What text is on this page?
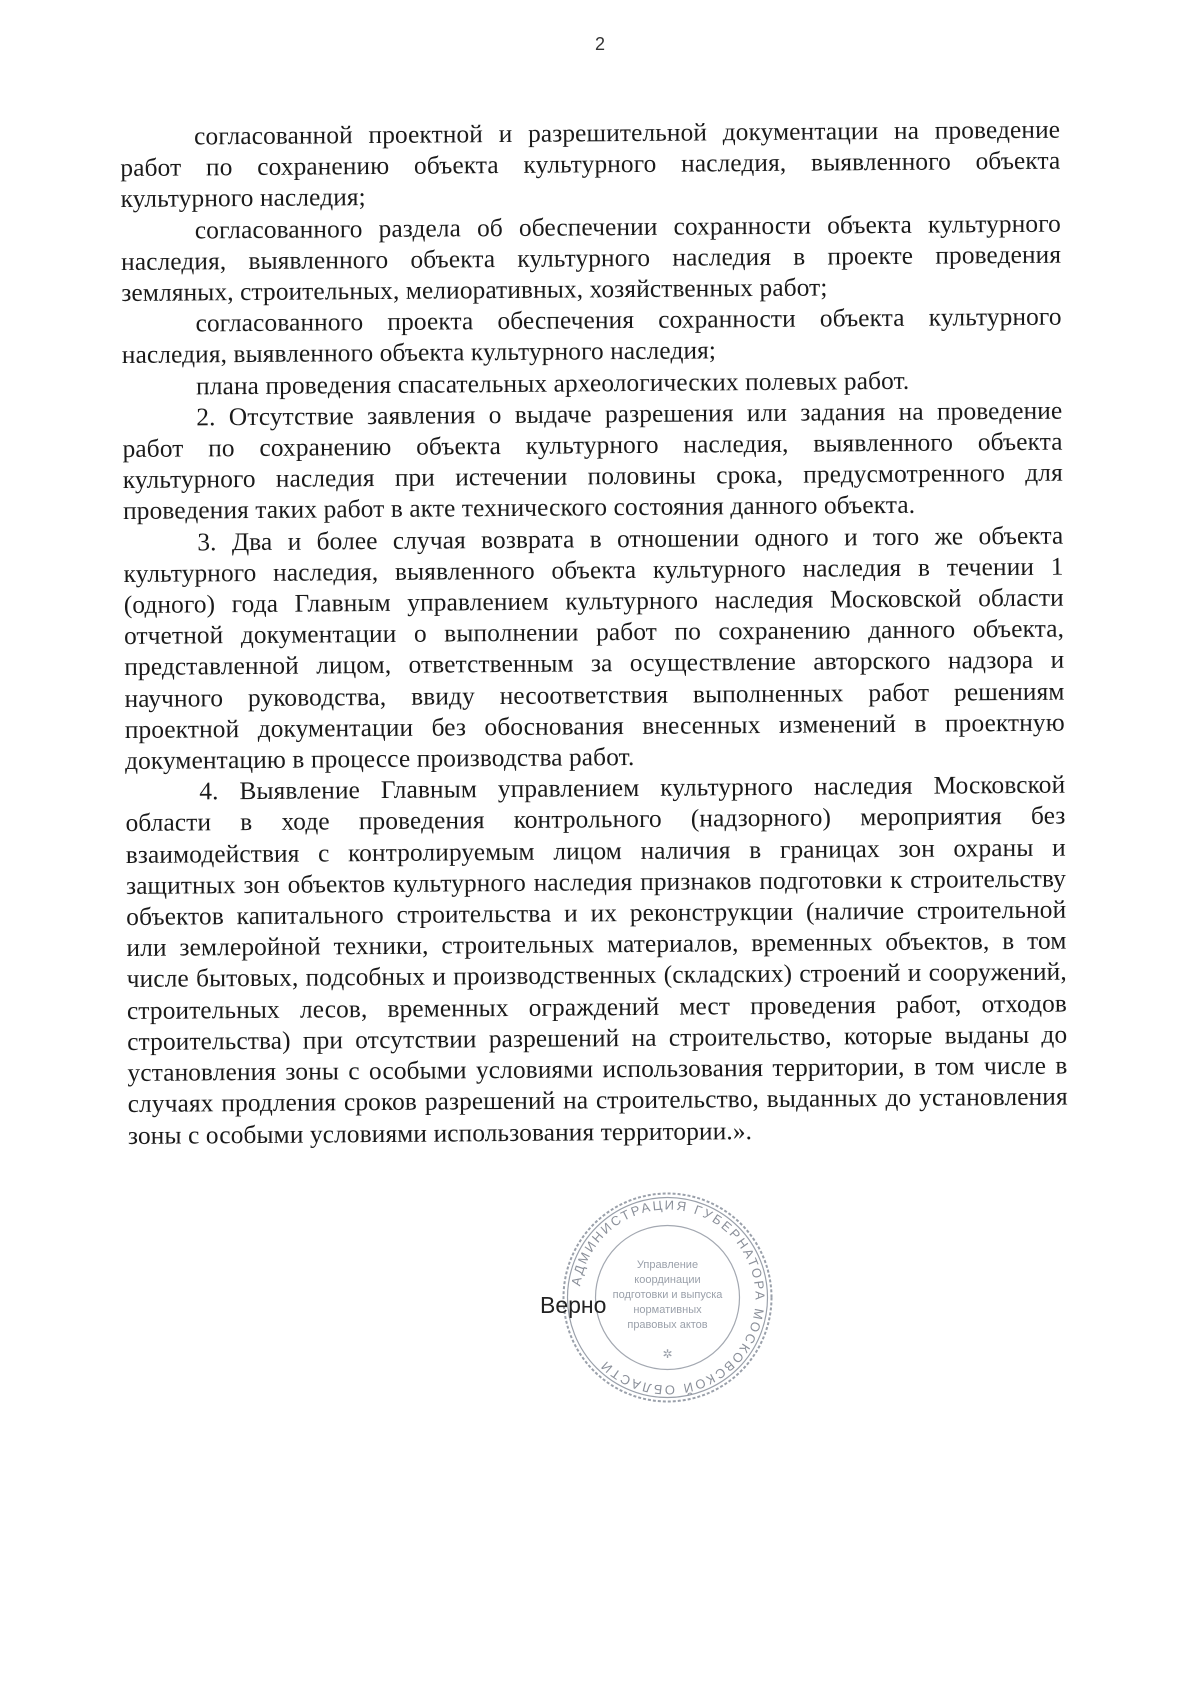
2

согласованной проектной и разрешительной документации на проведение работ по сохранению объекта культурного наследия, выявленного объекта культурного наследия;

согласованного раздела об обеспечении сохранности объекта культурного наследия, выявленного объекта культурного наследия в проекте проведения земляных, строительных, мелиоративных, хозяйственных работ;

согласованного проекта обеспечения сохранности объекта культурного наследия, выявленного объекта культурного наследия;

плана проведения спасательных археологических полевых работ.

2. Отсутствие заявления о выдаче разрешения или задания на проведение работ по сохранению объекта культурного наследия, выявленного объекта культурного наследия при истечении половины срока, предусмотренного для проведения таких работ в акте технического состояния данного объекта.

3. Два и более случая возврата в отношении одного и того же объекта культурного наследия, выявленного объекта культурного наследия в течении 1 (одного) года Главным управлением культурного наследия Московской области отчетной документации о выполнении работ по сохранению данного объекта, представленной лицом, ответственным за осуществление авторского надзора и научного руководства, ввиду несоответствия выполненных работ решениям проектной документации без обоснования внесенных изменений в проектную документацию в процессе производства работ.

4. Выявление Главным управлением культурного наследия Московской области в ходе проведения контрольного (надзорного) мероприятия без взаимодействия с контролируемым лицом наличия в границах зон охраны и защитных зон объектов культурного наследия признаков подготовки к строительству объектов капитального строительства и их реконструкции (наличие строительной или землеройной техники, строительных материалов, временных объектов, в том числе бытовых, подсобных и производственных (складских) строений и сооружений, строительных лесов, временных ограждений мест проведения работ, отходов строительства) при отсутствии разрешений на строительство, которые выданы до установления зоны с особыми условиями использования территории, в том числе в случаях продления сроков разрешений на строительство, выданных до установления зоны с особыми условиями использования территории.».

АДМИНИСТРАЦИЯ ГУБЕРНАТОРА МОСКОВСКОЙ ОБЛАСТИ
Управление
координации
подготовки и выпуска
нормативных
правовых актов
✲
Верно
